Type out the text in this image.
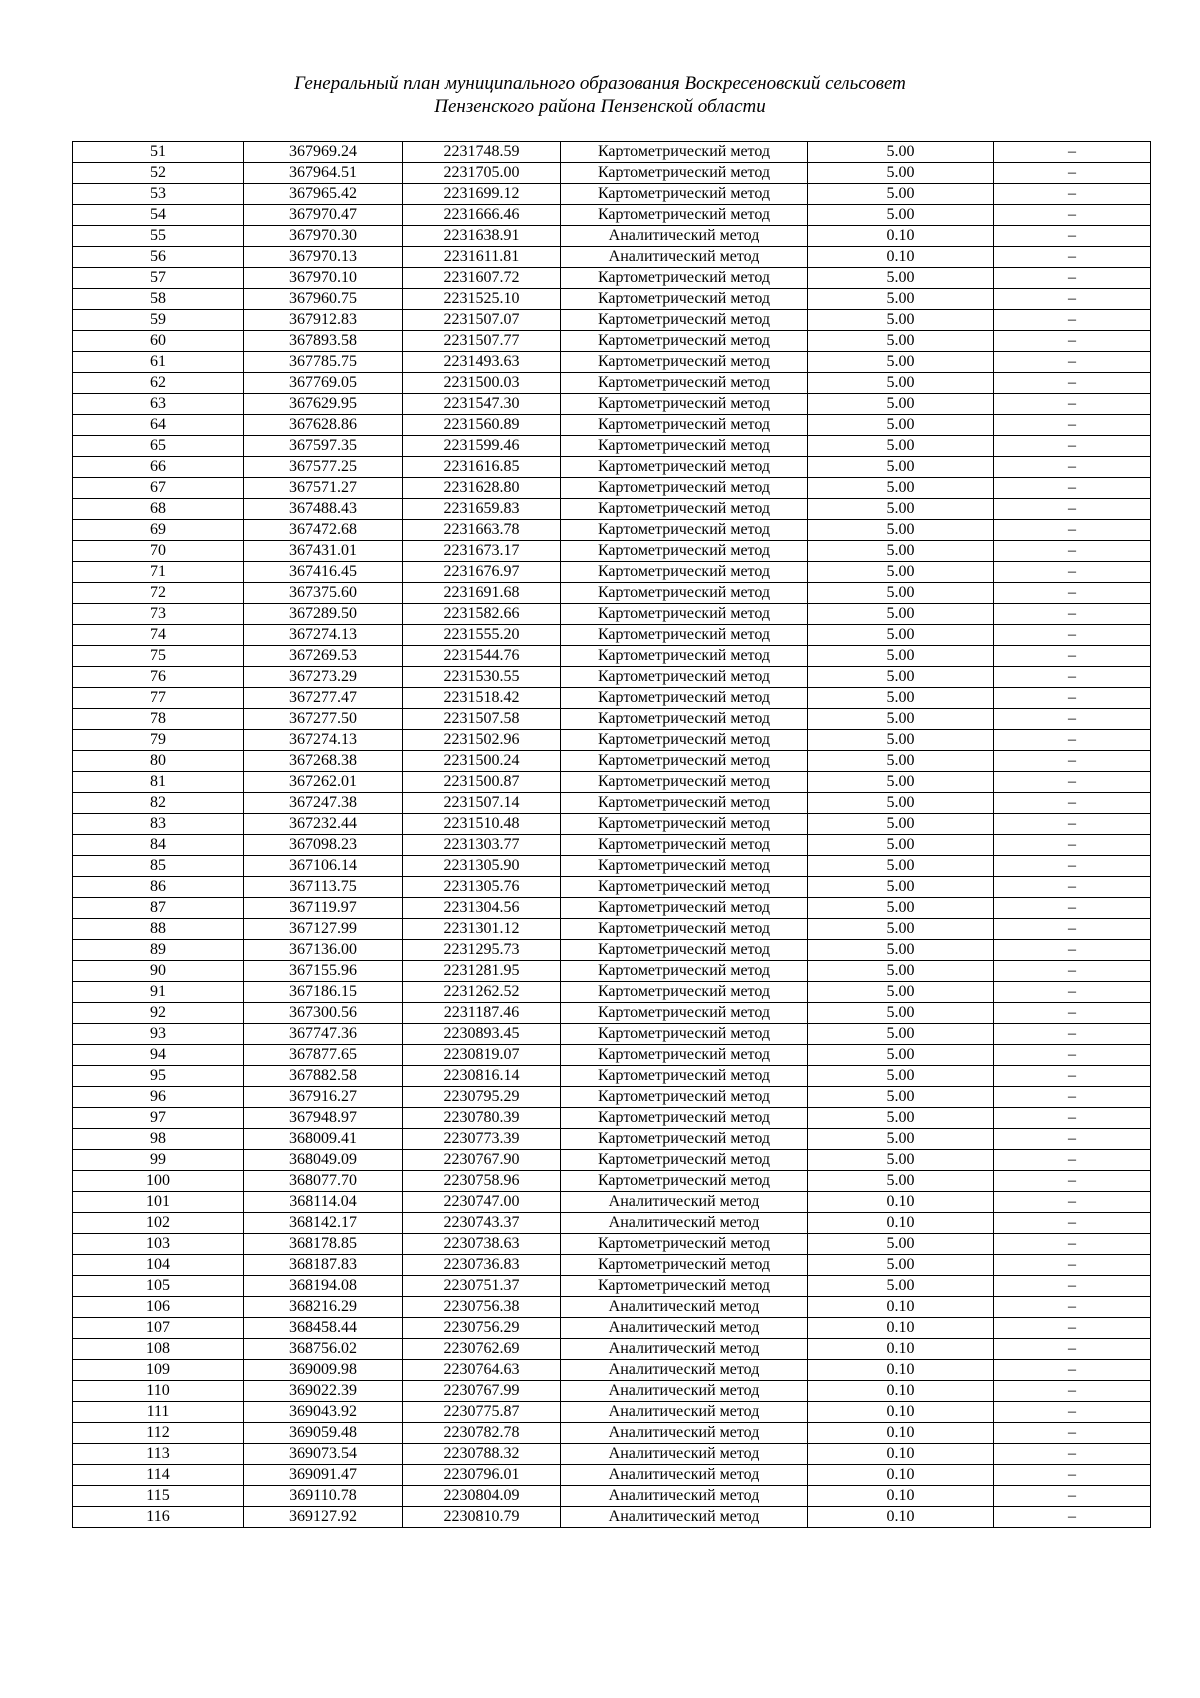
Генеральный план муниципального образования Воскресеновский сельсовет
Пензенского района Пензенской области
51	367969.24	2231748.59	Картометрический метод	5.00	–
52	367964.51	2231705.00	Картометрический метод	5.00	–
53	367965.42	2231699.12	Картометрический метод	5.00	–
54	367970.47	2231666.46	Картометрический метод	5.00	–
55	367970.30	2231638.91	Аналитический метод	0.10	–
56	367970.13	2231611.81	Аналитический метод	0.10	–
57	367970.10	2231607.72	Картометрический метод	5.00	–
58	367960.75	2231525.10	Картометрический метод	5.00	–
59	367912.83	2231507.07	Картометрический метод	5.00	–
60	367893.58	2231507.77	Картометрический метод	5.00	–
61	367785.75	2231493.63	Картометрический метод	5.00	–
62	367769.05	2231500.03	Картометрический метод	5.00	–
63	367629.95	2231547.30	Картометрический метод	5.00	–
64	367628.86	2231560.89	Картометрический метод	5.00	–
65	367597.35	2231599.46	Картометрический метод	5.00	–
66	367577.25	2231616.85	Картометрический метод	5.00	–
67	367571.27	2231628.80	Картометрический метод	5.00	–
68	367488.43	2231659.83	Картометрический метод	5.00	–
69	367472.68	2231663.78	Картометрический метод	5.00	–
70	367431.01	2231673.17	Картометрический метод	5.00	–
71	367416.45	2231676.97	Картометрический метод	5.00	–
72	367375.60	2231691.68	Картометрический метод	5.00	–
73	367289.50	2231582.66	Картометрический метод	5.00	–
74	367274.13	2231555.20	Картометрический метод	5.00	–
75	367269.53	2231544.76	Картометрический метод	5.00	–
76	367273.29	2231530.55	Картометрический метод	5.00	–
77	367277.47	2231518.42	Картометрический метод	5.00	–
78	367277.50	2231507.58	Картометрический метод	5.00	–
79	367274.13	2231502.96	Картометрический метод	5.00	–
80	367268.38	2231500.24	Картометрический метод	5.00	–
81	367262.01	2231500.87	Картометрический метод	5.00	–
82	367247.38	2231507.14	Картометрический метод	5.00	–
83	367232.44	2231510.48	Картометрический метод	5.00	–
84	367098.23	2231303.77	Картометрический метод	5.00	–
85	367106.14	2231305.90	Картометрический метод	5.00	–
86	367113.75	2231305.76	Картометрический метод	5.00	–
87	367119.97	2231304.56	Картометрический метод	5.00	–
88	367127.99	2231301.12	Картометрический метод	5.00	–
89	367136.00	2231295.73	Картометрический метод	5.00	–
90	367155.96	2231281.95	Картометрический метод	5.00	–
91	367186.15	2231262.52	Картометрический метод	5.00	–
92	367300.56	2231187.46	Картометрический метод	5.00	–
93	367747.36	2230893.45	Картометрический метод	5.00	–
94	367877.65	2230819.07	Картометрический метод	5.00	–
95	367882.58	2230816.14	Картометрический метод	5.00	–
96	367916.27	2230795.29	Картометрический метод	5.00	–
97	367948.97	2230780.39	Картометрический метод	5.00	–
98	368009.41	2230773.39	Картометрический метод	5.00	–
99	368049.09	2230767.90	Картометрический метод	5.00	–
100	368077.70	2230758.96	Картометрический метод	5.00	–
101	368114.04	2230747.00	Аналитический метод	0.10	–
102	368142.17	2230743.37	Аналитический метод	0.10	–
103	368178.85	2230738.63	Картометрический метод	5.00	–
104	368187.83	2230736.83	Картометрический метод	5.00	–
105	368194.08	2230751.37	Картометрический метод	5.00	–
106	368216.29	2230756.38	Аналитический метод	0.10	–
107	368458.44	2230756.29	Аналитический метод	0.10	–
108	368756.02	2230762.69	Аналитический метод	0.10	–
109	369009.98	2230764.63	Аналитический метод	0.10	–
110	369022.39	2230767.99	Аналитический метод	0.10	–
111	369043.92	2230775.87	Аналитический метод	0.10	–
112	369059.48	2230782.78	Аналитический метод	0.10	–
113	369073.54	2230788.32	Аналитический метод	0.10	–
114	369091.47	2230796.01	Аналитический метод	0.10	–
115	369110.78	2230804.09	Аналитический метод	0.10	–
116	369127.92	2230810.79	Аналитический метод	0.10	–
